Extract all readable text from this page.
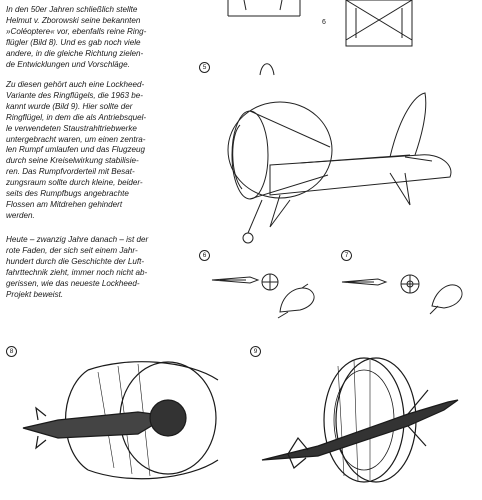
In den 50er Jahren schließlich stellte
Helmut v. Zborowski seine bekannten
»Coléoptere« vor, ebenfalls reine Ring-
flügler (Bild 8). Und es gab noch viele
andere, in die gleiche Richtung zielen-
de Entwicklungen und Vorschläge.

Zu diesen gehört auch eine Lockheed-
Variante des Ringflügels, die 1963 be-
kannt wurde (Bild 9). Hier sollte der
Ringflügel, in dem die als Antriebsquel-
le verwendeten Staustrahltriebwerke
untergebracht waren, um einen zentra-
len Rumpf umlaufen und das Flugzeug
durch seine Kreiselwirkung stabilisie-
ren. Das Rumpfvorderteil mit Besat-
zungsraum sollte durch kleine, beider-
seits des Rumpfbugs angebrachte
Flossen am Mitdrehen gehindert
werden.

Heute – zwanzig Jahre danach – ist der
rote Faden, der sich seit einem Jahr-
hundert durch die Geschichte der Luft-
fahrttechnik zieht, immer noch nicht ab-
gerissen, wie das neueste Lockheed-
Projekt beweist.

5
6	7
8	9
6
